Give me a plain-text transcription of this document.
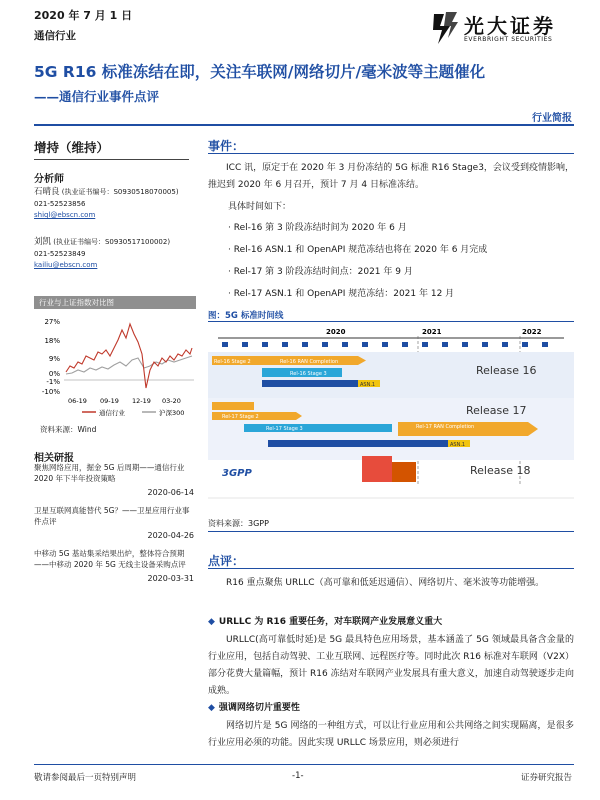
2020 年 7 月 1 日
通信行业	光大证券
EVERBRIGHT SECURITIES
5G R16 标准冻结在即，关注车联网/网络切片/毫米波等主题催化
——通信行业事件点评
行业简报
增持（维持）
分析师
石晴良 (执业证书编号：S0930518070005)
021-52523856
shiql@ebscn.com
刘凯 (执业证书编号：S0930517100002)
021-52523849
kailiu@ebscn.com
行业与上证指数对比图
27%
18%
9%
0%
-1%
-10%
06-19 09-19 12-19 03-20
通信行业	沪深300
资料来源：Wind
相关研报
聚焦网络应用，掘金 5G 后周期——通信行业 2020 年下半年投资策略
2020-06-14
卫星互联网真能替代 5G？——卫星应用行业事件点评
2020-04-26
中移动 5G 基站集采结果出炉，整体符合预期——中移动 2020 年 5G 无线主设备采购点评
2020-03-31
事件：
ICC 讯，原定于在 2020 年 3 月份冻结的 5G 标准 R16 Stage3，会议受到疫情影响，推迟到 2020 年 6 月召开，预计 7 月 4 日标准冻结。
具体时间如下：
· Rel-16 第 3 阶段冻结时间为 2020 年 6 月
· Rel-16 ASN.1 和 OpenAPI 规范冻结也将在 2020 年 6 月完成
· Rel-17 第 3 阶段冻结时间点：2021 年 9 月
· Rel-17 ASN.1 和 OpenAPI 规范冻结：2021 年 12 月
图：5G 标准时间线
2020	2021	2022
Rel-16 Stage 2	Rel-16 RAN Completion
Rel-16 Stage 3
ASN.1
Release 16
Rel-17 Stage 2
Rel-17 Stage 3	Rel-17 RAN Completion
ASN.1
Release 17
Release 18
3GPP
资料来源：3GPP
点评：
R16 重点聚焦 URLLC（高可靠和低延迟通信）、网络切片、毫米波等功能增强。
◆ URLLC 为 R16 重要任务，对车联网产业发展意义重大
URLLC(高可靠低时延)是 5G 最具特色应用场景，基本涵盖了 5G 领域最具备含金量的行业应用，包括自动驾驶、工业互联网、远程医疗等。同时此次 R16 标准对车联网（V2X）部分花费大量篇幅，预计 R16 冻结对车联网产业发展具有重大意义，加速自动驾驶逐步走向成熟。
◆ 强调网络切片重要性
网络切片是 5G 网络的一种组方式，可以让行业应用和公共网络之间实现隔离，是很多行业应用必须的功能。因此实现 URLLC 场景应用，则必须进行
敬请参阅最后一页特别声明	-1-	证券研究报告
